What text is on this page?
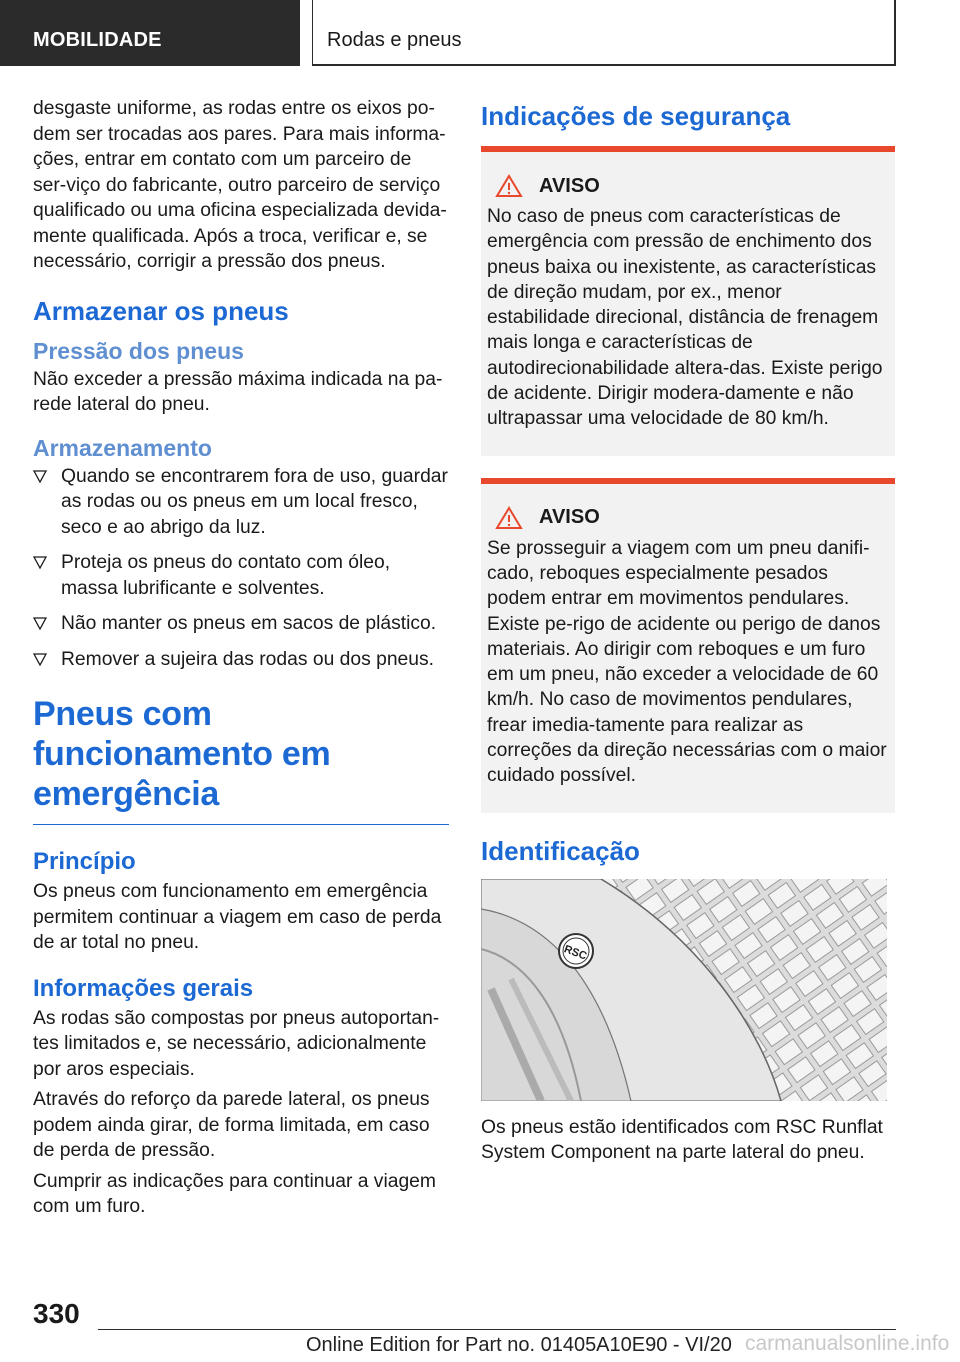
MOBILIDADE	Rodas e pneus

desgaste uniforme, as rodas entre os eixos po-dem ser trocadas aos pares. Para mais informa-ções, entrar em contato com um parceiro de ser-viço do fabricante, outro parceiro de serviço qualificado ou uma oficina especializada devida-mente qualificada. Após a troca, verificar e, se necessário, corrigir a pressão dos pneus.

Armazenar os pneus
Pressão dos pneus

Não exceder a pressão máxima indicada na pa-rede lateral do pneu.

Armazenamento
Quando se encontrarem fora de uso, guardar as rodas ou os pneus em um local fresco, seco e ao abrigo da luz.
Proteja os pneus do contato com óleo, massa lubrificante e solventes.
Não manter os pneus em sacos de plástico.
Remover a sujeira das rodas ou dos pneus.
Pneus com funcionamento em emergência
Princípio

Os pneus com funcionamento em emergência permitem continuar a viagem em caso de perda de ar total no pneu.

Informações gerais

As rodas são compostas por pneus autoportan-tes limitados e, se necessário, adicionalmente por aros especiais.

Através do reforço da parede lateral, os pneus podem ainda girar, de forma limitada, em caso de perda de pressão.

Cumprir as indicações para continuar a viagem com um furo.

Indicações de segurança
AVISO

No caso de pneus com características de emergência com pressão de enchimento dos pneus baixa ou inexistente, as características de direção mudam, por ex., menor estabilidade direcional, distância de frenagem mais longa e características de autodirecionabilidade altera-das. Existe perigo de acidente. Dirigir modera-damente e não ultrapassar uma velocidade de 80 km/h.

AVISO

Se prosseguir a viagem com um pneu danifi-cado, reboques especialmente pesados podem entrar em movimentos pendulares. Existe pe-rigo de acidente ou perigo de danos materiais. Ao dirigir com reboques e um furo em um pneu, não exceder a velocidade de 60 km/h. No caso de movimentos pendulares, frear imedia-tamente para realizar as correções da direção necessárias com o maior cuidado possível.

Identificação
RSC

Os pneus estão identificados com RSC Runflat System Component na parte lateral do pneu.

330
Online Edition for Part no. 01405A10E90 - VI/20 carmanualsonline.info
